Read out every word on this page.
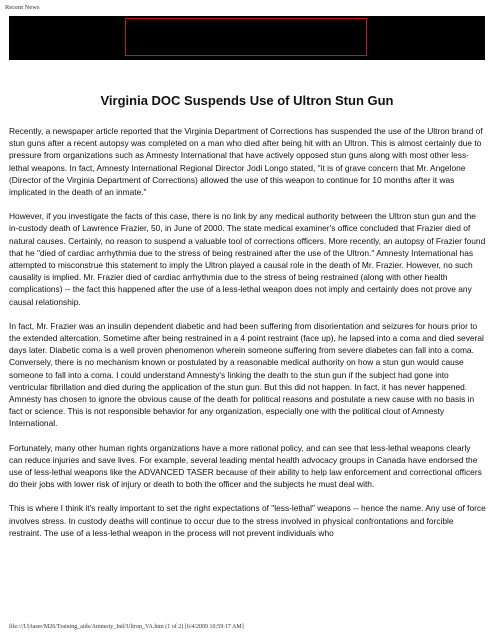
Recent News
Virginia DOC Suspends Use of Ultron Stun Gun

Recently, a newspaper article reported that the Virginia Department of Corrections has suspended the use of the Ultron brand of stun guns after a recent autopsy was completed on a man who died after being hit with an Ultron. This is almost certainly due to pressure from organizations such as Amnesty International that have actively opposed stun guns along with most other less-lethal weapons. In fact, Amnesty International Regional Director Jodi Longo stated, "it is of grave concern that Mr. Angelone (Director of the Virginia Department of Corrections) allowed the use of this weapon to continue for 10 months after it was implicated in the death of an inmate."

However, if you investigate the facts of this case, there is no link by any medical authority between the Ultron stun gun and the in-custody death of Lawrence Frazier, 50, in June of 2000. The state medical examiner's office concluded that Frazier died of natural causes. Certainly, no reason to suspend a valuable tool of corrections officers. More recently, an autopsy of Frazier found that he "died of cardiac arrhythmia due to the stress of being restrained after the use of the Ultron." Amnesty International has attempted to misconstrue this statement to imply the Ultron played a causal role in the death of Mr. Frazier. However, no such causality is implied. Mr. Frazier died of cardiac arrhythmia due to the stress of being restrained (along with other health complications) -- the fact this happened after the use of a less-lethal weapon does not imply and certainly does not prove any causal relationship.

In fact, Mr. Frazier was an insulin dependent diabetic and had been suffering from disorientation and seizures for hours prior to the extended altercation. Sometime after being restrained in a 4 point restraint (face up), he lapsed into a coma and died several days later. Diabetic coma is a well proven phenomenon wherein someone suffering from severe diabetes can fall into a coma. Conversely, there is no mechanism known or postulated by a reasonable medical authority on how a stun gun would cause someone to fall into a coma. I could understand Amnesty's linking the death to the stun gun if the subject had gone into ventricular fibrillation and died during the application of the stun gun. But this did not happen. In fact, it has never happened. Amnesty has chosen to ignore the obvious cause of the death for political reasons and postulate a new cause with no basis in fact or science. This is not responsible behavior for any organization, especially one with the political clout of Amnesty International.

Fortunately, many other human rights organizations have a more rational policy, and can see that less-lethal weapons clearly can reduce injuries and save lives. For example, several leading mental health advocacy groups in Canada have endorsed the use of less-lethal weapons like the ADVANCED TASER because of their ability to help law enforcement and correctional officers do their jobs with lower risk of injury or death to both the officer and the subjects he must deal with.

This is where I think it's really important to set the right expectations of "less-lethal" weapons -- hence the name. Any use of force involves stress. In custody deaths will continue to occur due to the stress involved in physical confrontations and forcible restraint. The use of a less-lethal weapon in the process will not prevent individuals who

file:///U|/taser/M26/Training_aids/Amnesty_Intl/Ultron_VA.htm (1 of 2) [6/4/2009 10:59:17 AM]
